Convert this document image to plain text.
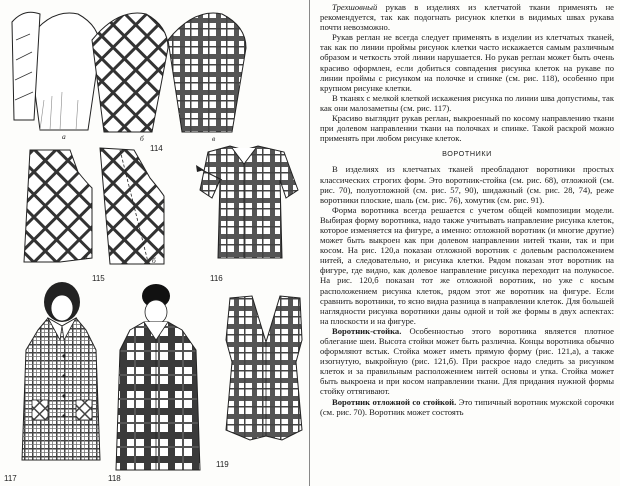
а	б	в
114
а	б
115	116
117	118
119

Трехшовный рукав в изделиях из клетчатой ткани применять не рекомендуется, так как подогнать рисунок клетки в видимых швах рукава почти невозможно.

Рукав реглан не всегда следует применять в изделии из клетчатых тканей, так как по линии проймы рисунок клетки часто искажается самым различным образом и четкость этой линии нарушается. Но рукав реглан может быть очень красиво оформлен, если добиться совпадения рисунка клеток на рукаве по линии проймы с рисунком на полочке и спинке (см. рис. 118), особенно при крупном рисунке клетки.

В тканях с мелкой клеткой искажения рисунка по линии шва допустимы, так как они малозаметны (см. рис. 117).

Красиво выглядит рукав реглан, выкроенный по косому направлению ткани при долевом направлении ткани на полочках и спинке. Такой раскрой можно применять при любом рисунке клеток.

ВОРОТНИКИ

В изделиях из клетчатых тканей преобладают воротники простых классических строгих форм. Это воротник-стойка (см. рис. 68), отложной (см. рис. 70), полуотложной (см. рис. 57, 90), шидажный (см. рис. 28, 74), реже воротники плоские, шаль (см. рис. 76), хомутик (см. рис. 91).

Форма воротника всегда решается с учетом общей композиции модели. Выбирая форму воротника, надо также учитывать направление рисунка клеток, которое изменяется на фигуре, а именно: отложной воротник (и многие другие) может быть выкроен как при долевом направлении нитей ткани, так и при косом. На рис. 120,а показан отложной воротник с долевым расположением нитей, а следовательно, и рисунка клетки. Рядом показан этот воротник на фигуре, где видно, как долевое направление рисунка переходит на полукосое. На рис. 120,б показан тот же отложной воротник, но уже с косым расположением рисунка клеток, рядом этот же воротник на фигуре. Если сравнить воротники, то ясно видна разница в направлении клеток. Для большей наглядности рисунка воротники даны одной и той же формы в двух аспектах: на плоскости и на фигуре.

Воротник-стойка. Особенностью этого воротника является плотное облегание шеи. Высота стойки может быть различна. Концы воротника обычно оформляют встык. Стойка может иметь прямую форму (рис. 121,а), а также изогнутую, выкройную (рис. 121,б). При раскрое надо следить за рисунком клеток и за правильным расположением нитей основы и утка. Стойка может быть выкроена и при косом направлении ткани. Для придания нужной формы стойку оттягивают.

Воротник отложной со стойкой. Это типичный воротник мужской сорочки (см. рис. 70). Воротник может состоять
